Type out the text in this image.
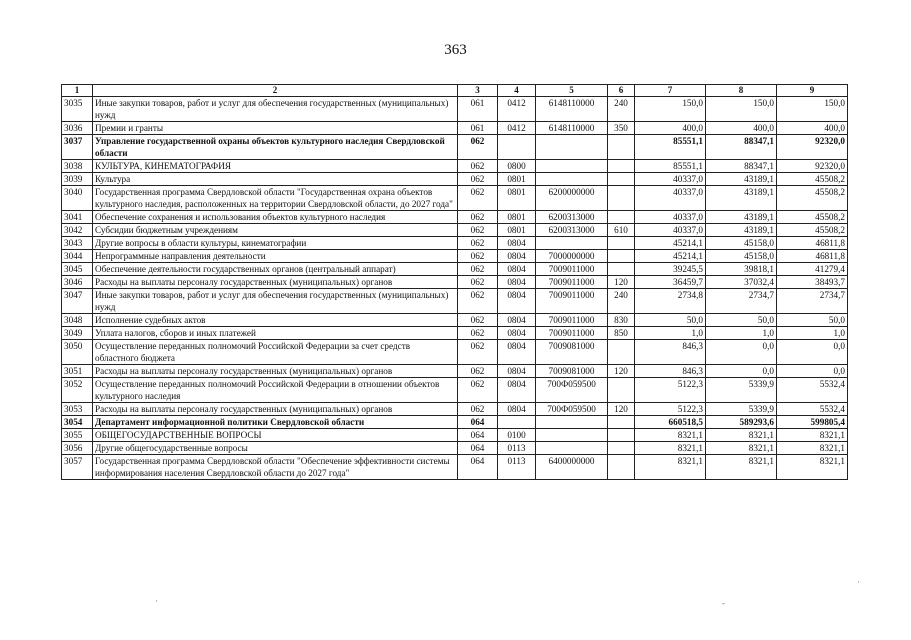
363
1	2	3	4	5	6	7	8	9
3035	Иные закупки товаров, работ и услуг для обеспечения государственных (муниципальных) нужд	061	0412	6148110000	240	150,0	150,0	150,0
3036	Премии и гранты	061	0412	6148110000	350	400,0	400,0	400,0
3037	Управление государственной охраны объектов культурного наследия Свердловской области	062				85551,1	88347,1	92320,0
3038	КУЛЬТУРА, КИНЕМАТОГРАФИЯ	062	0800			85551,1	88347,1	92320,0
3039	Культура	062	0801			40337,0	43189,1	45508,2
3040	Государственная программа Свердловской области "Государственная охрана объектов культурного наследия, расположенных на территории Свердловской области, до 2027 года"	062	0801	6200000000		40337,0	43189,1	45508,2
3041	Обеспечение сохранения и использования объектов культурного наследия	062	0801	6200313000		40337,0	43189,1	45508,2
3042	Субсидии бюджетным учреждениям	062	0801	6200313000	610	40337,0	43189,1	45508,2
3043	Другие вопросы в области культуры, кинематографии	062	0804			45214,1	45158,0	46811,8
3044	Непрограммные направления деятельности	062	0804	7000000000		45214,1	45158,0	46811,8
3045	Обеспечение деятельности государственных органов (центральный аппарат)	062	0804	7009011000		39245,5	39818,1	41279,4
3046	Расходы на выплаты персоналу государственных (муниципальных) органов	062	0804	7009011000	120	36459,7	37032,4	38493,7
3047	Иные закупки товаров, работ и услуг для обеспечения государственных (муниципальных) нужд	062	0804	7009011000	240	2734,8	2734,7	2734,7
3048	Исполнение судебных актов	062	0804	7009011000	830	50,0	50,0	50,0
3049	Уплата налогов, сборов и иных платежей	062	0804	7009011000	850	1,0	1,0	1,0
3050	Осуществление переданных полномочий Российской Федерации за счет средств областного бюджета	062	0804	7009081000		846,3	0,0	0,0
3051	Расходы на выплаты персоналу государственных (муниципальных) органов	062	0804	7009081000	120	846,3	0,0	0,0
3052	Осуществление переданных полномочий Российской Федерации в отношении объектов культурного наследия	062	0804	700Ф059500		5122,3	5339,9	5532,4
3053	Расходы на выплаты персоналу государственных (муниципальных) органов	062	0804	700Ф059500	120	5122,3	5339,9	5532,4
3054	Департамент информационной политики Свердловской области	064				660518,5	589293,6	599805,4
3055	ОБЩЕГОСУДАРСТВЕННЫЕ ВОПРОСЫ	064	0100			8321,1	8321,1	8321,1
3056	Другие общегосударственные вопросы	064	0113			8321,1	8321,1	8321,1
3057	Государственная программа Свердловской области "Обеспечение эффективности системы информирования населения Свердловской области до 2027 года"	064	0113	6400000000		8321,1	8321,1	8321,1
·
·	-
